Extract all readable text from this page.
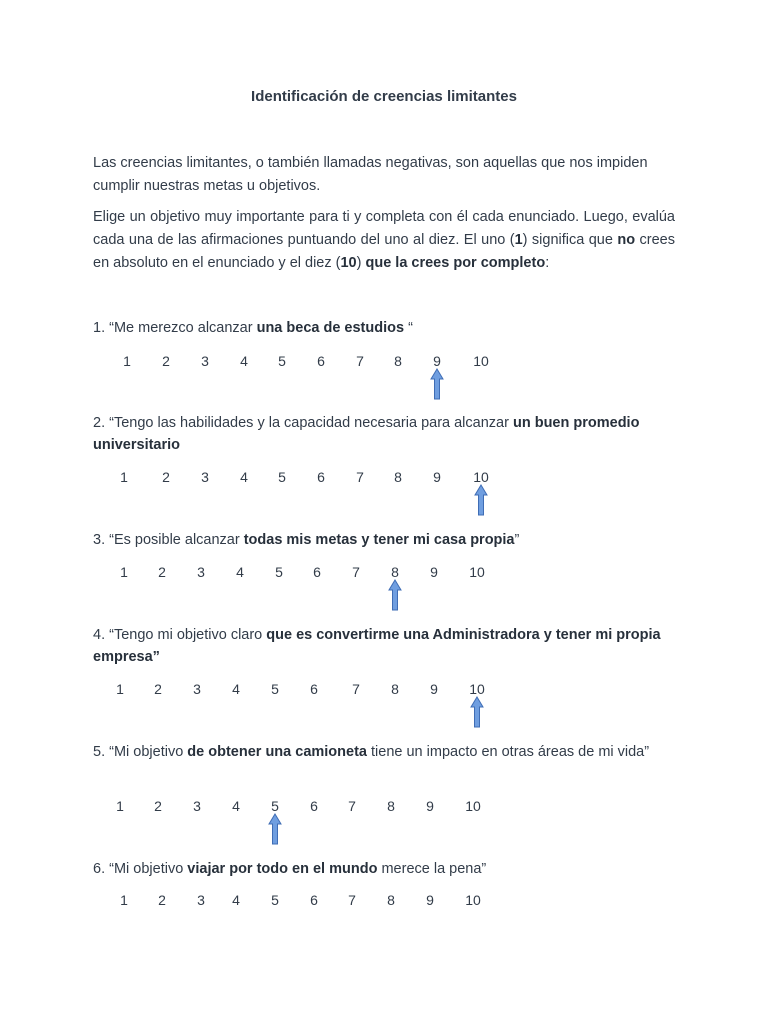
Identificación de creencias limitantes
Las creencias limitantes, o también llamadas negativas, son aquellas que nos impiden cumplir nuestras metas u objetivos.
Elige un objetivo muy importante para ti y completa con él cada enunciado. Luego, evalúa cada una de las afirmaciones puntuando del uno al diez. El uno (1) significa que no crees en absoluto en el enunciado y el diez (10) que la crees por completo:
1. “Me merezco alcanzar una beca de estudios “
1 2 3 4 5 6 7 8 9 10
2. “Tengo las habilidades y la capacidad necesaria para alcanzar un buen promedio universitario
1 2 3 4 5 6 7 8 9 10
3. “Es posible alcanzar todas mis metas y tener mi casa propia”
1 2 3 4 5 6 7 8 9 10
4. “Tengo mi objetivo claro que es convertirme una Administradora y tener mi propia empresa”
1 2 3 4 5 6 7 8 9 10
5. “Mi objetivo de obtener una camioneta tiene un impacto en otras áreas de mi vida”
1 2 3 4 5 6 7 8 9 10
6. “Mi objetivo viajar por todo en el mundo merece la pena”
1 2 3 4 5 6 7 8 9 10
